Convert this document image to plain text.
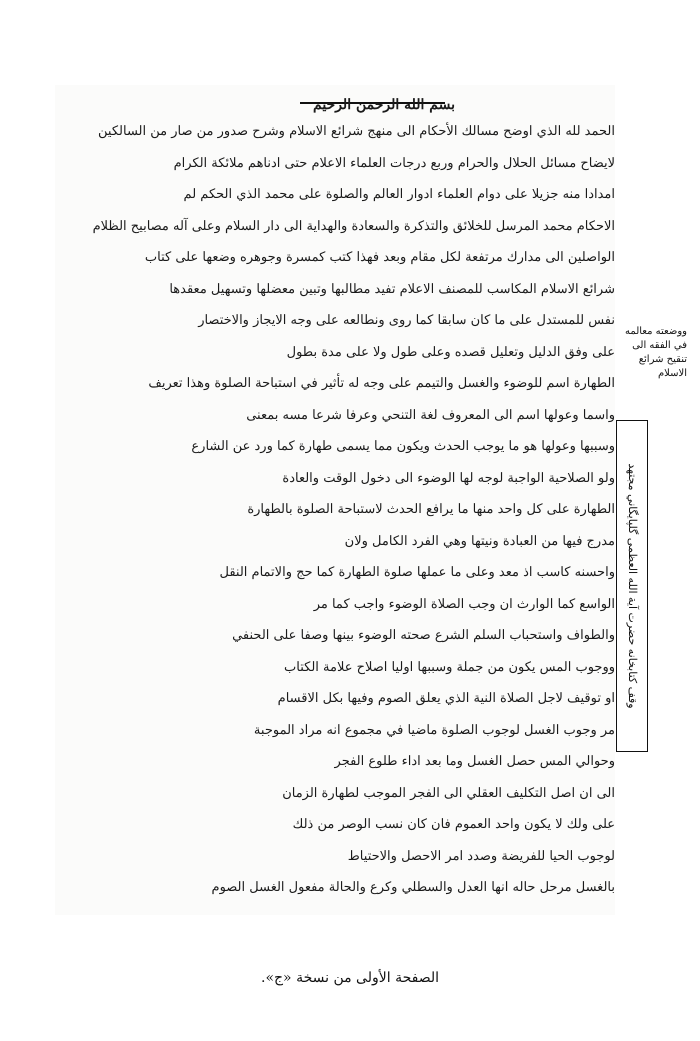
بسم الله الرحمن الرحيم
الحمد لله الذي اوضح مسالك الأحكام الى منهج شرائع الاسلام وشرح صدور من صار من السالكين
لايضاح مسائل الحلال والحرام وربع درجات العلماء الاعلام حتى ادناهم ملائكة الكرام
امدادا منه جزيلا على دوام العلماء ادوار العالم والصلوة على محمد الذي الحكم لم
الاحكام محمد المرسل للخلائق والتذكرة والسعادة والهداية الى دار السلام وعلى آله مصابيح الظلام
الواصلين الى مدارك مرتفعة لكل مقام وبعد فهذا كتب كمسرة وجوهره وضعها على كتاب
شرائع الاسلام المكاسب للمصنف الاعلام تفيد مطالبها وتبين معضلها وتسهيل معقدها
نفس للمستدل على ما كان سابقا كما روى ونطالعه على وجه الايجاز والاختصار
على وفق الدليل وتعليل قصده وعلى طول ولا على مدة بطول
الطهارة اسم للوضوء والغسل والتيمم على وجه له تأثير في استباحة الصلوة وهذا تعريف
واسما وعولها اسم الى المعروف لغة التنحي وعرفا شرعا مسه بمعنى
وسببها وعولها هو ما يوجب الحدث ويكون مما يسمى طهارة كما ورد عن الشارع
ولو الصلاحية الواجبة لوجه لها الوضوء الى دخول الوقت والعادة
الطهارة على كل واحد منها ما يرافع الحدث لاستباحة الصلوة بالطهارة
مدرج فيها من العبادة ونيتها وهي الفرد الكامل ولان
واحسنه كاسب اذ معد وعلى ما عملها صلوة الطهارة كما حج والاتمام النقل
الواسع كما الوارث ان وجب الصلاة الوضوء واجب كما مر
والطواف واستحباب السلم الشرع صحته الوضوء بينها وصفا على الحنفي
ووجوب المس يكون من جملة وسببها اوليا اصلاح علامة الكتاب
او توقيف لاجل الصلاة النية الذي يعلق الصوم وفيها بكل الاقسام
مر وجوب الغسل لوجوب الصلوة ماضيا في مجموع انه مراد الموجبة
وحوالي المس حصل الغسل وما بعد اداء طلوع الفجر
الى ان اصل التكليف العقلي الى الفجر الموجب لطهارة الزمان
على ولك لا يكون واحد العموم فان كان نسب الوصر من ذلك
لوجوب الحيا للفريضة وصدد امر الاحصل والاحتياط
بالغسل مرحل حاله انها العدل والسطلي وكرع والحالة مفعول الغسل الصوم
ووضعته معالمه في الفقه الى تنقيح شرائع الاسلام
وقف كتابخانه حضرت آية الله العظمى گلپايگاني مجتهد
الصفحة الأولى من نسخة «ج».
